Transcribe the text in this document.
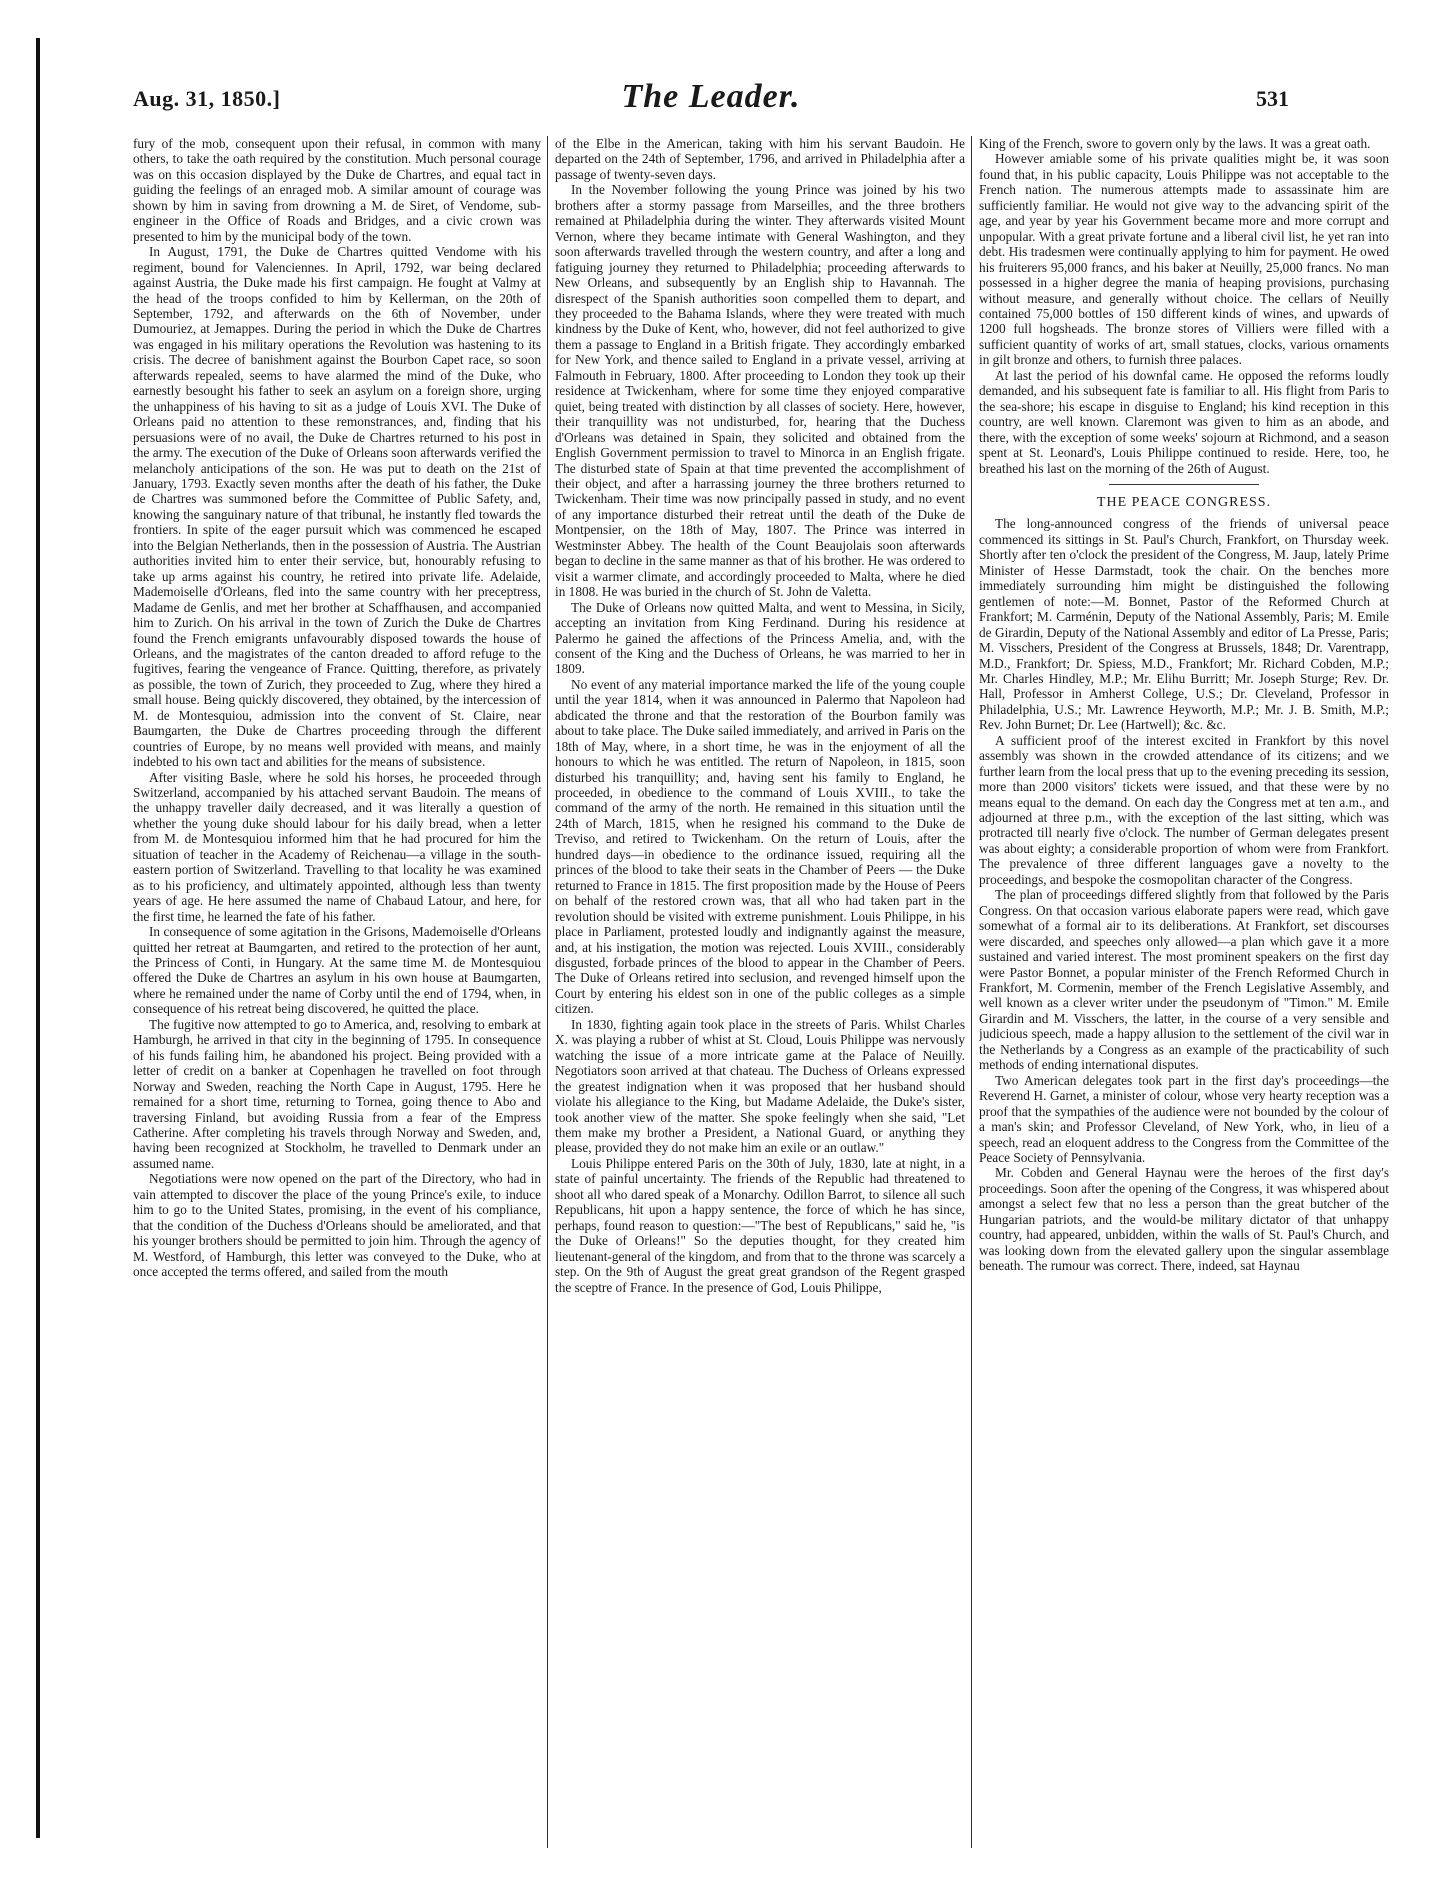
Aug. 31, 1850.]	The Leader.	531

fury of the mob, consequent upon their refusal, in common with many others, to take the oath required by the constitution. Much personal courage was on this occasion displayed by the Duke de Chartres, and equal tact in guiding the feelings of an enraged mob. A similar amount of courage was shown by him in saving from drowning a M. de Siret, of Vendome, sub-engineer in the Office of Roads and Bridges, and a civic crown was presented to him by the municipal body of the town.

In August, 1791, the Duke de Chartres quitted Vendome with his regiment, bound for Valenciennes. In April, 1792, war being declared against Austria, the Duke made his first campaign. He fought at Valmy at the head of the troops confided to him by Kellerman, on the 20th of September, 1792, and afterwards on the 6th of November, under Dumouriez, at Jemappes. During the period in which the Duke de Chartres was engaged in his military operations the Revolution was hastening to its crisis. The decree of banishment against the Bourbon Capet race, so soon afterwards repealed, seems to have alarmed the mind of the Duke, who earnestly besought his father to seek an asylum on a foreign shore, urging the unhappiness of his having to sit as a judge of Louis XVI. The Duke of Orleans paid no attention to these remonstrances, and, finding that his persuasions were of no avail, the Duke de Chartres returned to his post in the army. The execution of the Duke of Orleans soon afterwards verified the melancholy anticipations of the son. He was put to death on the 21st of January, 1793. Exactly seven months after the death of his father, the Duke de Chartres was summoned before the Committee of Public Safety, and, knowing the sanguinary nature of that tribunal, he instantly fled towards the frontiers. In spite of the eager pursuit which was commenced he escaped into the Belgian Netherlands, then in the possession of Austria. The Austrian authorities invited him to enter their service, but, honourably refusing to take up arms against his country, he retired into private life. Adelaide, Mademoiselle d'Orleans, fled into the same country with her preceptress, Madame de Genlis, and met her brother at Schaffhausen, and accompanied him to Zurich. On his arrival in the town of Zurich the Duke de Chartres found the French emigrants unfavourably disposed towards the house of Orleans, and the magistrates of the canton dreaded to afford refuge to the fugitives, fearing the vengeance of France. Quitting, therefore, as privately as possible, the town of Zurich, they proceeded to Zug, where they hired a small house. Being quickly discovered, they obtained, by the intercession of M. de Montesquiou, admission into the convent of St. Claire, near Baumgarten, the Duke de Chartres proceeding through the different countries of Europe, by no means well provided with means, and mainly indebted to his own tact and abilities for the means of subsistence.

After visiting Basle, where he sold his horses, he proceeded through Switzerland, accompanied by his attached servant Baudoin. The means of the unhappy traveller daily decreased, and it was literally a question of whether the young duke should labour for his daily bread, when a letter from M. de Montesquiou informed him that he had procured for him the situation of teacher in the Academy of Reichenau—a village in the south-eastern portion of Switzerland. Travelling to that locality he was examined as to his proficiency, and ultimately appointed, although less than twenty years of age. He here assumed the name of Chabaud Latour, and here, for the first time, he learned the fate of his father.

In consequence of some agitation in the Grisons, Mademoiselle d'Orleans quitted her retreat at Baumgarten, and retired to the protection of her aunt, the Princess of Conti, in Hungary. At the same time M. de Montesquiou offered the Duke de Chartres an asylum in his own house at Baumgarten, where he remained under the name of Corby until the end of 1794, when, in consequence of his retreat being discovered, he quitted the place.

The fugitive now attempted to go to America, and, resolving to embark at Hamburgh, he arrived in that city in the beginning of 1795. In consequence of his funds failing him, he abandoned his project. Being provided with a letter of credit on a banker at Copenhagen he travelled on foot through Norway and Sweden, reaching the North Cape in August, 1795. Here he remained for a short time, returning to Tornea, going thence to Abo and traversing Finland, but avoiding Russia from a fear of the Empress Catherine. After completing his travels through Norway and Sweden, and, having been recognized at Stockholm, he travelled to Denmark under an assumed name.

Negotiations were now opened on the part of the Directory, who had in vain attempted to discover the place of the young Prince's exile, to induce him to go to the United States, promising, in the event of his compliance, that the condition of the Duchess d'Orleans should be ameliorated, and that his younger brothers should be permitted to join him. Through the agency of M. Westford, of Hamburgh, this letter was conveyed to the Duke, who at once accepted the terms offered, and sailed from the mouth

of the Elbe in the American, taking with him his servant Baudoin. He departed on the 24th of September, 1796, and arrived in Philadelphia after a passage of twenty-seven days.

In the November following the young Prince was joined by his two brothers after a stormy passage from Marseilles, and the three brothers remained at Philadelphia during the winter. They afterwards visited Mount Vernon, where they became intimate with General Washington, and they soon afterwards travelled through the western country, and after a long and fatiguing journey they returned to Philadelphia; proceeding afterwards to New Orleans, and subsequently by an English ship to Havannah. The disrespect of the Spanish authorities soon compelled them to depart, and they proceeded to the Bahama Islands, where they were treated with much kindness by the Duke of Kent, who, however, did not feel authorized to give them a passage to England in a British frigate. They accordingly embarked for New York, and thence sailed to England in a private vessel, arriving at Falmouth in February, 1800. After proceeding to London they took up their residence at Twickenham, where for some time they enjoyed comparative quiet, being treated with distinction by all classes of society. Here, however, their tranquillity was not undisturbed, for, hearing that the Duchess d'Orleans was detained in Spain, they solicited and obtained from the English Government permission to travel to Minorca in an English frigate. The disturbed state of Spain at that time prevented the accomplishment of their object, and after a harrassing journey the three brothers returned to Twickenham. Their time was now principally passed in study, and no event of any importance disturbed their retreat until the death of the Duke de Montpensier, on the 18th of May, 1807. The Prince was interred in Westminster Abbey. The health of the Count Beaujolais soon afterwards began to decline in the same manner as that of his brother. He was ordered to visit a warmer climate, and accordingly proceeded to Malta, where he died in 1808. He was buried in the church of St. John de Valetta.

The Duke of Orleans now quitted Malta, and went to Messina, in Sicily, accepting an invitation from King Ferdinand. During his residence at Palermo he gained the affections of the Princess Amelia, and, with the consent of the King and the Duchess of Orleans, he was married to her in 1809.

No event of any material importance marked the life of the young couple until the year 1814, when it was announced in Palermo that Napoleon had abdicated the throne and that the restoration of the Bourbon family was about to take place. The Duke sailed immediately, and arrived in Paris on the 18th of May, where, in a short time, he was in the enjoyment of all the honours to which he was entitled. The return of Napoleon, in 1815, soon disturbed his tranquillity; and, having sent his family to England, he proceeded, in obedience to the command of Louis XVIII., to take the command of the army of the north. He remained in this situation until the 24th of March, 1815, when he resigned his command to the Duke de Treviso, and retired to Twickenham. On the return of Louis, after the hundred days—in obedience to the ordinance issued, requiring all the princes of the blood to take their seats in the Chamber of Peers — the Duke returned to France in 1815. The first proposition made by the House of Peers on behalf of the restored crown was, that all who had taken part in the revolution should be visited with extreme punishment. Louis Philippe, in his place in Parliament, protested loudly and indignantly against the measure, and, at his instigation, the motion was rejected. Louis XVIII., considerably disgusted, forbade princes of the blood to appear in the Chamber of Peers. The Duke of Orleans retired into seclusion, and revenged himself upon the Court by entering his eldest son in one of the public colleges as a simple citizen.

In 1830, fighting again took place in the streets of Paris. Whilst Charles X. was playing a rubber of whist at St. Cloud, Louis Philippe was nervously watching the issue of a more intricate game at the Palace of Neuilly. Negotiators soon arrived at that chateau. The Duchess of Orleans expressed the greatest indignation when it was proposed that her husband should violate his allegiance to the King, but Madame Adelaide, the Duke's sister, took another view of the matter. She spoke feelingly when she said, "Let them make my brother a President, a National Guard, or anything they please, provided they do not make him an exile or an outlaw."

Louis Philippe entered Paris on the 30th of July, 1830, late at night, in a state of painful uncertainty. The friends of the Republic had threatened to shoot all who dared speak of a Monarchy. Odillon Barrot, to silence all such Republicans, hit upon a happy sentence, the force of which he has since, perhaps, found reason to question:—"The best of Republicans," said he, "is the Duke of Orleans!" So the deputies thought, for they created him lieutenant-general of the kingdom, and from that to the throne was scarcely a step. On the 9th of August the great great grandson of the Regent grasped the sceptre of France. In the presence of God, Louis Philippe,

King of the French, swore to govern only by the laws. It was a great oath.

However amiable some of his private qualities might be, it was soon found that, in his public capacity, Louis Philippe was not acceptable to the French nation. The numerous attempts made to assassinate him are sufficiently familiar. He would not give way to the advancing spirit of the age, and year by year his Government became more and more corrupt and unpopular. With a great private fortune and a liberal civil list, he yet ran into debt. His tradesmen were continually applying to him for payment. He owed his fruiterers 95,000 francs, and his baker at Neuilly, 25,000 francs. No man possessed in a higher degree the mania of heaping provisions, purchasing without measure, and generally without choice. The cellars of Neuilly contained 75,000 bottles of 150 different kinds of wines, and upwards of 1200 full hogsheads. The bronze stores of Villiers were filled with a sufficient quantity of works of art, small statues, clocks, various ornaments in gilt bronze and others, to furnish three palaces.

At last the period of his downfal came. He opposed the reforms loudly demanded, and his subsequent fate is familiar to all. His flight from Paris to the sea-shore; his escape in disguise to England; his kind reception in this country, are well known. Claremont was given to him as an abode, and there, with the exception of some weeks' sojourn at Richmond, and a season spent at St. Leonard's, Louis Philippe continued to reside. Here, too, he breathed his last on the morning of the 26th of August.

THE PEACE CONGRESS.

The long-announced congress of the friends of universal peace commenced its sittings in St. Paul's Church, Frankfort, on Thursday week. Shortly after ten o'clock the president of the Congress, M. Jaup, lately Prime Minister of Hesse Darmstadt, took the chair. On the benches more immediately surrounding him might be distinguished the following gentlemen of note:—M. Bonnet, Pastor of the Reformed Church at Frankfort; M. Carménin, Deputy of the National Assembly, Paris; M. Emile de Girardin, Deputy of the National Assembly and editor of La Presse, Paris; M. Visschers, President of the Congress at Brussels, 1848; Dr. Varentrapp, M.D., Frankfort; Dr. Spiess, M.D., Frankfort; Mr. Richard Cobden, M.P.; Mr. Charles Hindley, M.P.; Mr. Elihu Burritt; Mr. Joseph Sturge; Rev. Dr. Hall, Professor in Amherst College, U.S.; Dr. Cleveland, Professor in Philadelphia, U.S.; Mr. Lawrence Heyworth, M.P.; Mr. J. B. Smith, M.P.; Rev. John Burnet; Dr. Lee (Hartwell); &c. &c.

A sufficient proof of the interest excited in Frankfort by this novel assembly was shown in the crowded attendance of its citizens; and we further learn from the local press that up to the evening preceding its session, more than 2000 visitors' tickets were issued, and that these were by no means equal to the demand. On each day the Congress met at ten a.m., and adjourned at three p.m., with the exception of the last sitting, which was protracted till nearly five o'clock. The number of German delegates present was about eighty; a considerable proportion of whom were from Frankfort. The prevalence of three different languages gave a novelty to the proceedings, and bespoke the cosmopolitan character of the Congress.

The plan of proceedings differed slightly from that followed by the Paris Congress. On that occasion various elaborate papers were read, which gave somewhat of a formal air to its deliberations. At Frankfort, set discourses were discarded, and speeches only allowed—a plan which gave it a more sustained and varied interest. The most prominent speakers on the first day were Pastor Bonnet, a popular minister of the French Reformed Church in Frankfort, M. Cormenin, member of the French Legislative Assembly, and well known as a clever writer under the pseudonym of "Timon." M. Emile Girardin and M. Visschers, the latter, in the course of a very sensible and judicious speech, made a happy allusion to the settlement of the civil war in the Netherlands by a Congress as an example of the practicability of such methods of ending international disputes.

Two American delegates took part in the first day's proceedings—the Reverend H. Garnet, a minister of colour, whose very hearty reception was a proof that the sympathies of the audience were not bounded by the colour of a man's skin; and Professor Cleveland, of New York, who, in lieu of a speech, read an eloquent address to the Congress from the Committee of the Peace Society of Pennsylvania.

Mr. Cobden and General Haynau were the heroes of the first day's proceedings. Soon after the opening of the Congress, it was whispered about amongst a select few that no less a person than the great butcher of the Hungarian patriots, and the would-be military dictator of that unhappy country, had appeared, unbidden, within the walls of St. Paul's Church, and was looking down from the elevated gallery upon the singular assemblage beneath. The rumour was correct. There, indeed, sat Haynau
